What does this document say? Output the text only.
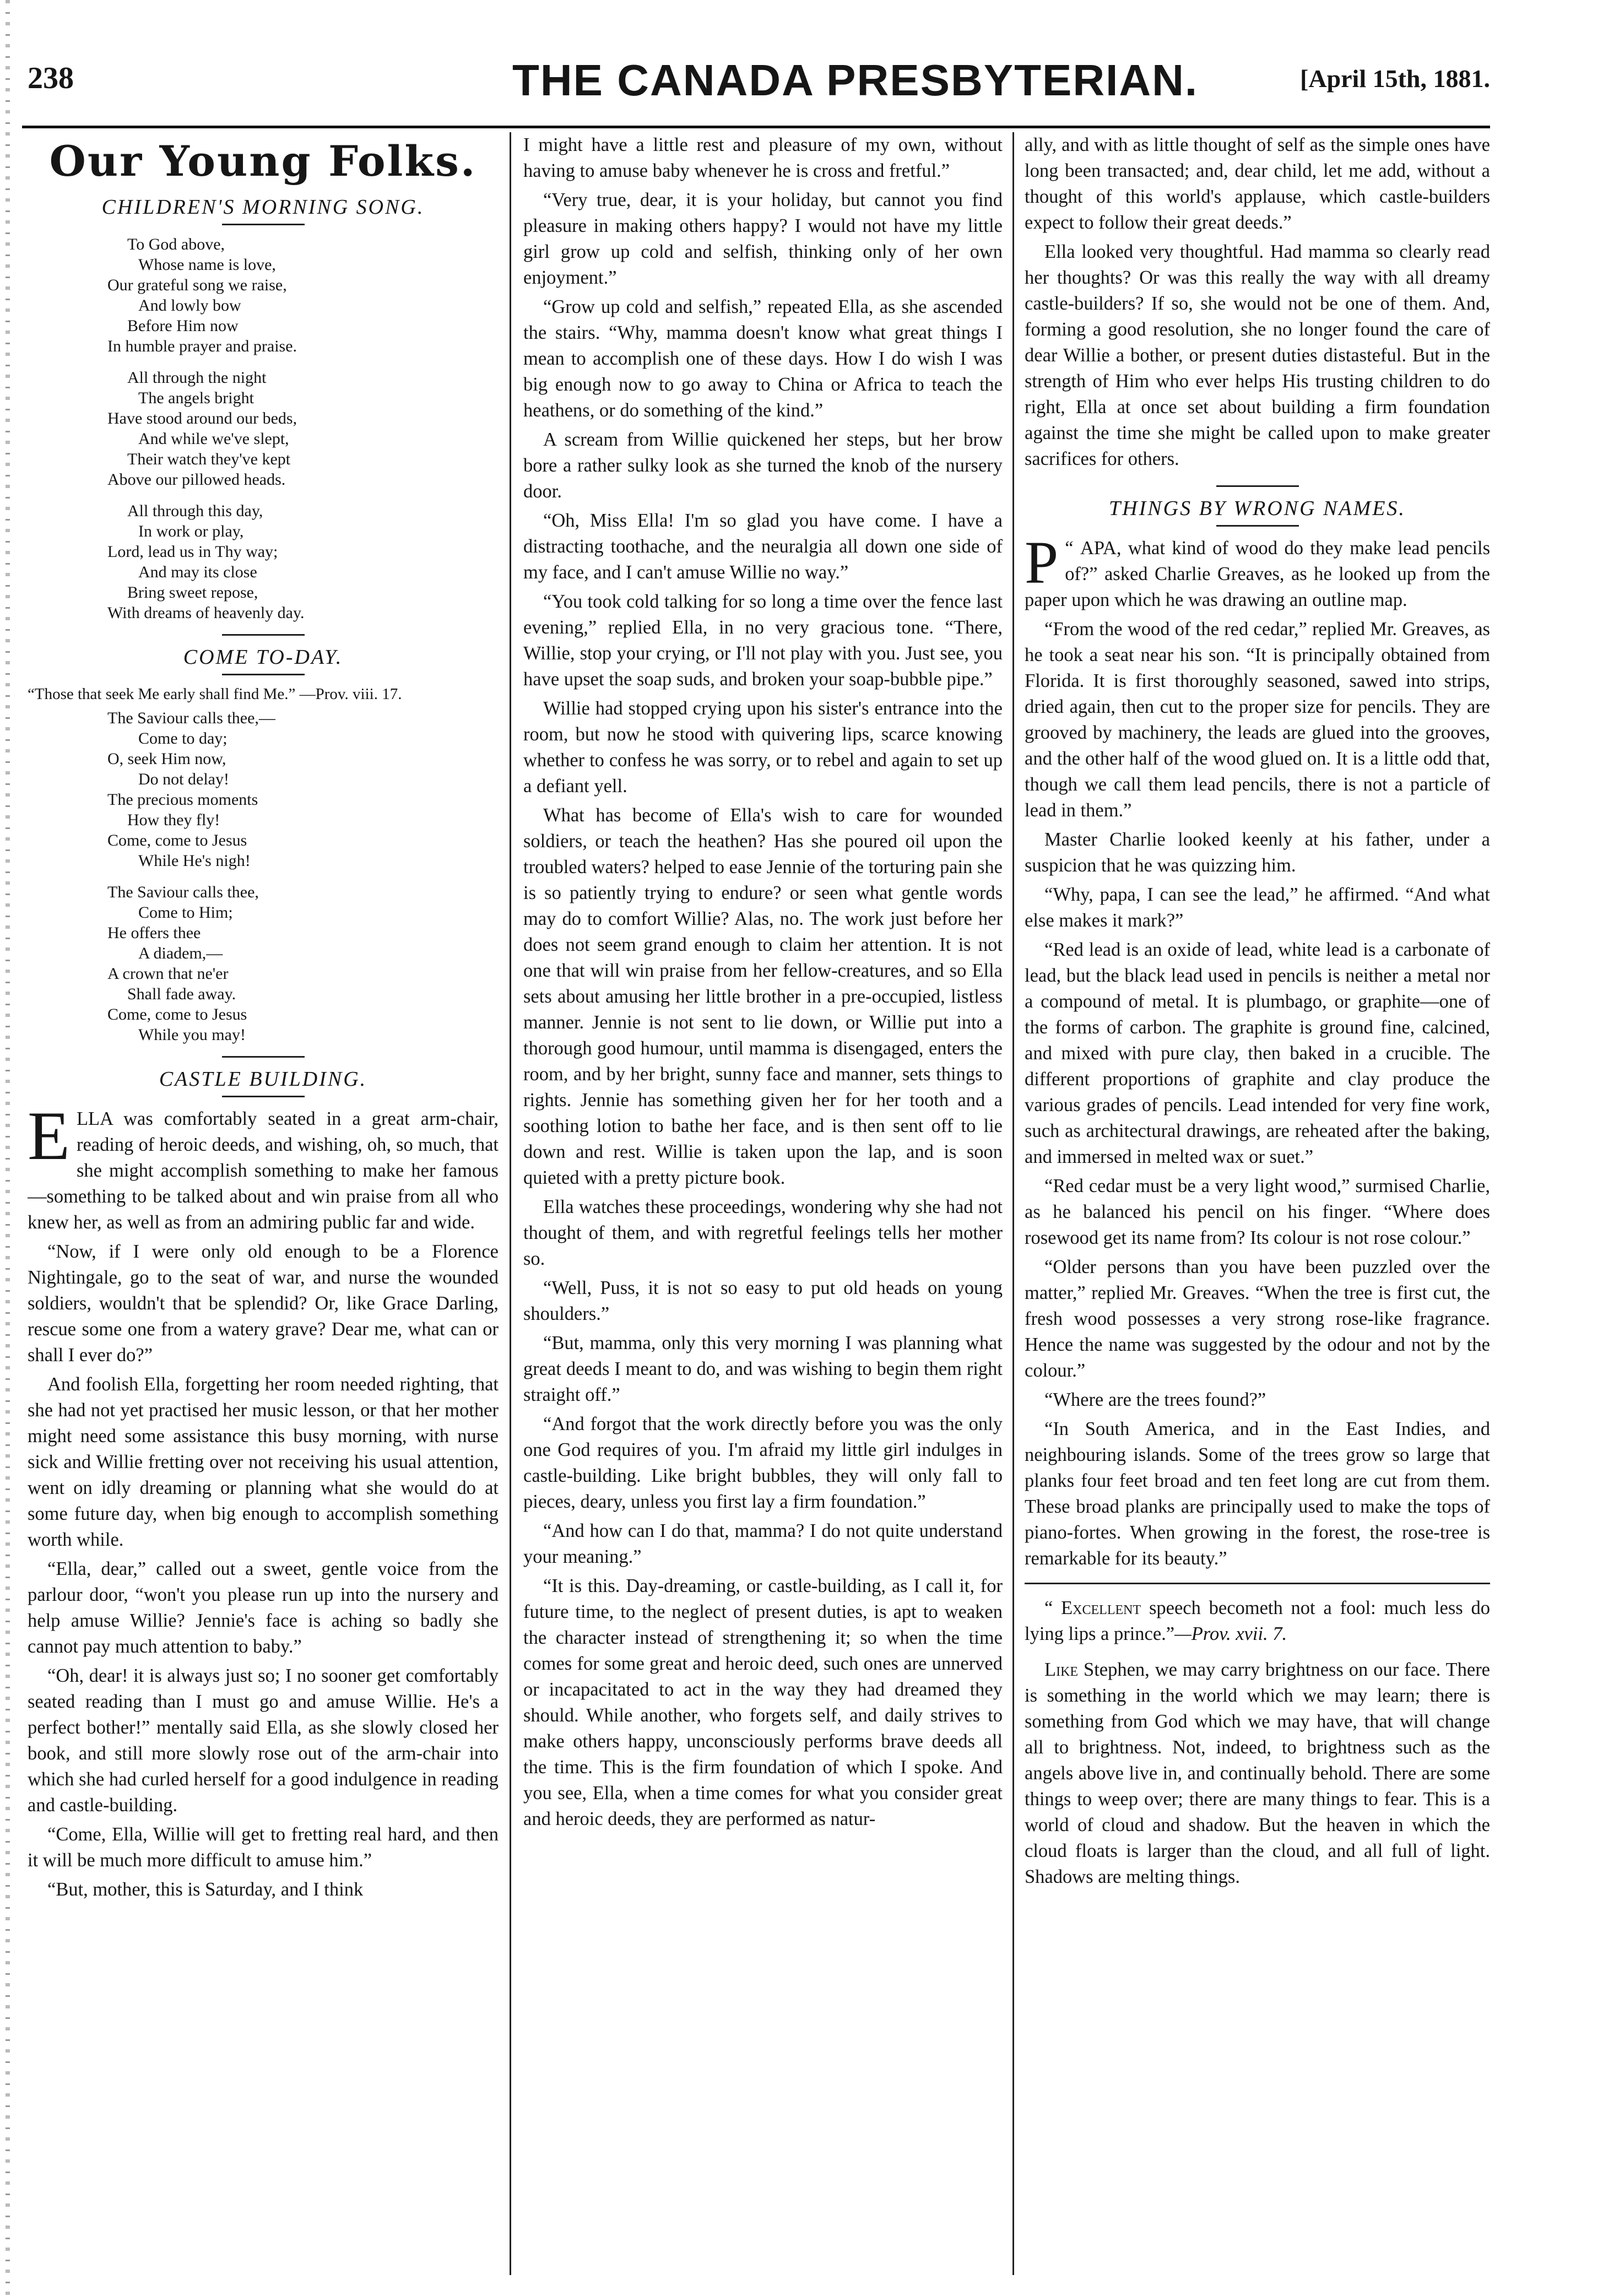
238	THE CANADA PRESBYTERIAN.	[April 15th, 1881.
Our Young Folks.
CHILDREN'S MORNING SONG.
To God above,
Whose name is love,
Our grateful song we raise,
And lowly bow
Before Him now
In humble prayer and praise.
All through the night
The angels bright
Have stood around our beds,
And while we've slept,
Their watch they've kept
Above our pillowed heads.
All through this day,
In work or play,
Lord, lead us in Thy way;
And may its close
Bring sweet repose,
With dreams of heavenly day.
COME TO-DAY.

“Those that seek Me early shall find Me.” —Prov. viii. 17.

The Saviour calls thee,—
Come to day;
O, seek Him now,
Do not delay!
The precious moments
How they fly!
Come, come to Jesus
While He's nigh!
The Saviour calls thee,
Come to Him;
He offers thee
A diadem,—
A crown that ne'er
Shall fade away.
Come, come to Jesus
While you may!
CASTLE BUILDING.

ELLA was comfortably seated in a great arm-chair, reading of heroic deeds, and wishing, oh, so much, that she might accomplish something to make her famous—something to be talked about and win praise from all who knew her, as well as from an admiring public far and wide.

“Now, if I were only old enough to be a Florence Nightingale, go to the seat of war, and nurse the wounded soldiers, wouldn't that be splendid? Or, like Grace Darling, rescue some one from a watery grave? Dear me, what can or shall I ever do?”

And foolish Ella, forgetting her room needed righting, that she had not yet practised her music lesson, or that her mother might need some assistance this busy morning, with nurse sick and Willie fretting over not receiving his usual attention, went on idly dreaming or planning what she would do at some future day, when big enough to accomplish something worth while.

“Ella, dear,” called out a sweet, gentle voice from the parlour door, “won't you please run up into the nursery and help amuse Willie? Jennie's face is aching so badly she cannot pay much attention to baby.”

“Oh, dear! it is always just so; I no sooner get comfortably seated reading than I must go and amuse Willie. He's a perfect bother!” mentally said Ella, as she slowly closed her book, and still more slowly rose out of the arm-chair into which she had curled herself for a good indulgence in reading and castle-building.

“Come, Ella, Willie will get to fretting real hard, and then it will be much more difficult to amuse him.”

“But, mother, this is Saturday, and I think

I might have a little rest and pleasure of my own, without having to amuse baby whenever he is cross and fretful.”

“Very true, dear, it is your holiday, but cannot you find pleasure in making others happy? I would not have my little girl grow up cold and selfish, thinking only of her own enjoyment.”

“Grow up cold and selfish,” repeated Ella, as she ascended the stairs. “Why, mamma doesn't know what great things I mean to accomplish one of these days. How I do wish I was big enough now to go away to China or Africa to teach the heathens, or do something of the kind.”

A scream from Willie quickened her steps, but her brow bore a rather sulky look as she turned the knob of the nursery door.

“Oh, Miss Ella! I'm so glad you have come. I have a distracting toothache, and the neuralgia all down one side of my face, and I can't amuse Willie no way.”

“You took cold talking for so long a time over the fence last evening,” replied Ella, in no very gracious tone. “There, Willie, stop your crying, or I'll not play with you. Just see, you have upset the soap suds, and broken your soap-bubble pipe.”

Willie had stopped crying upon his sister's entrance into the room, but now he stood with quivering lips, scarce knowing whether to confess he was sorry, or to rebel and again to set up a defiant yell.

What has become of Ella's wish to care for wounded soldiers, or teach the heathen? Has she poured oil upon the troubled waters? helped to ease Jennie of the torturing pain she is so patiently trying to endure? or seen what gentle words may do to comfort Willie? Alas, no. The work just before her does not seem grand enough to claim her attention. It is not one that will win praise from her fellow-creatures, and so Ella sets about amusing her little brother in a pre-occupied, listless manner. Jennie is not sent to lie down, or Willie put into a thorough good humour, until mamma is disengaged, enters the room, and by her bright, sunny face and manner, sets things to rights. Jennie has something given her for her tooth and a soothing lotion to bathe her face, and is then sent off to lie down and rest. Willie is taken upon the lap, and is soon quieted with a pretty picture book.

Ella watches these proceedings, wondering why she had not thought of them, and with regretful feelings tells her mother so.

“Well, Puss, it is not so easy to put old heads on young shoulders.”

“But, mamma, only this very morning I was planning what great deeds I meant to do, and was wishing to begin them right straight off.”

“And forgot that the work directly before you was the only one God requires of you. I'm afraid my little girl indulges in castle-building. Like bright bubbles, they will only fall to pieces, deary, unless you first lay a firm foundation.”

“And how can I do that, mamma? I do not quite understand your meaning.”

“It is this. Day-dreaming, or castle-building, as I call it, for future time, to the neglect of present duties, is apt to weaken the character instead of strengthening it; so when the time comes for some great and heroic deed, such ones are unnerved or incapacitated to act in the way they had dreamed they should. While another, who forgets self, and daily strives to make others happy, unconsciously performs brave deeds all the time. This is the firm foundation of which I spoke. And you see, Ella, when a time comes for what you consider great and heroic deeds, they are performed as natur-

ally, and with as little thought of self as the simple ones have long been transacted; and, dear child, let me add, without a thought of this world's applause, which castle-builders expect to follow their great deeds.”

Ella looked very thoughtful. Had mamma so clearly read her thoughts? Or was this really the way with all dreamy castle-builders? If so, she would not be one of them. And, forming a good resolution, she no longer found the care of dear Willie a bother, or present duties distasteful. But in the strength of Him who ever helps His trusting children to do right, Ella at once set about building a firm foundation against the time she might be called upon to make greater sacrifices for others.

THINGS BY WRONG NAMES.

“
P APA, what kind of wood do they make lead pencils of?” asked Charlie Greaves, as he looked up from the paper upon which he was drawing an outline map.

“From the wood of the red cedar,” replied Mr. Greaves, as he took a seat near his son. “It is principally obtained from Florida. It is first thoroughly seasoned, sawed into strips, dried again, then cut to the proper size for pencils. They are grooved by machinery, the leads are glued into the grooves, and the other half of the wood glued on. It is a little odd that, though we call them lead pencils, there is not a particle of lead in them.”

Master Charlie looked keenly at his father, under a suspicion that he was quizzing him.

“Why, papa, I can see the lead,” he affirmed. “And what else makes it mark?”

“Red lead is an oxide of lead, white lead is a carbonate of lead, but the black lead used in pencils is neither a metal nor a compound of metal. It is plumbago, or graphite—one of the forms of carbon. The graphite is ground fine, calcined, and mixed with pure clay, then baked in a crucible. The different proportions of graphite and clay produce the various grades of pencils. Lead intended for very fine work, such as architectural drawings, are reheated after the baking, and immersed in melted wax or suet.”

“Red cedar must be a very light wood,” surmised Charlie, as he balanced his pencil on his finger. “Where does rosewood get its name from? Its colour is not rose colour.”

“Older persons than you have been puzzled over the matter,” replied Mr. Greaves. “When the tree is first cut, the fresh wood possesses a very strong rose-like fragrance. Hence the name was suggested by the odour and not by the colour.”

“Where are the trees found?”

“In South America, and in the East Indies, and neighbouring islands. Some of the trees grow so large that planks four feet broad and ten feet long are cut from them. These broad planks are principally used to make the tops of piano-fortes. When growing in the forest, the rose-tree is remarkable for its beauty.”

“ Excellent speech becometh not a fool: much less do lying lips a prince.”—Prov. xvii. 7.

Like Stephen, we may carry brightness on our face. There is something in the world which we may learn; there is something from God which we may have, that will change all to brightness. Not, indeed, to brightness such as the angels above live in, and continually behold. There are some things to weep over; there are many things to fear. This is a world of cloud and shadow. But the heaven in which the cloud floats is larger than the cloud, and all full of light. Shadows are melting things.
